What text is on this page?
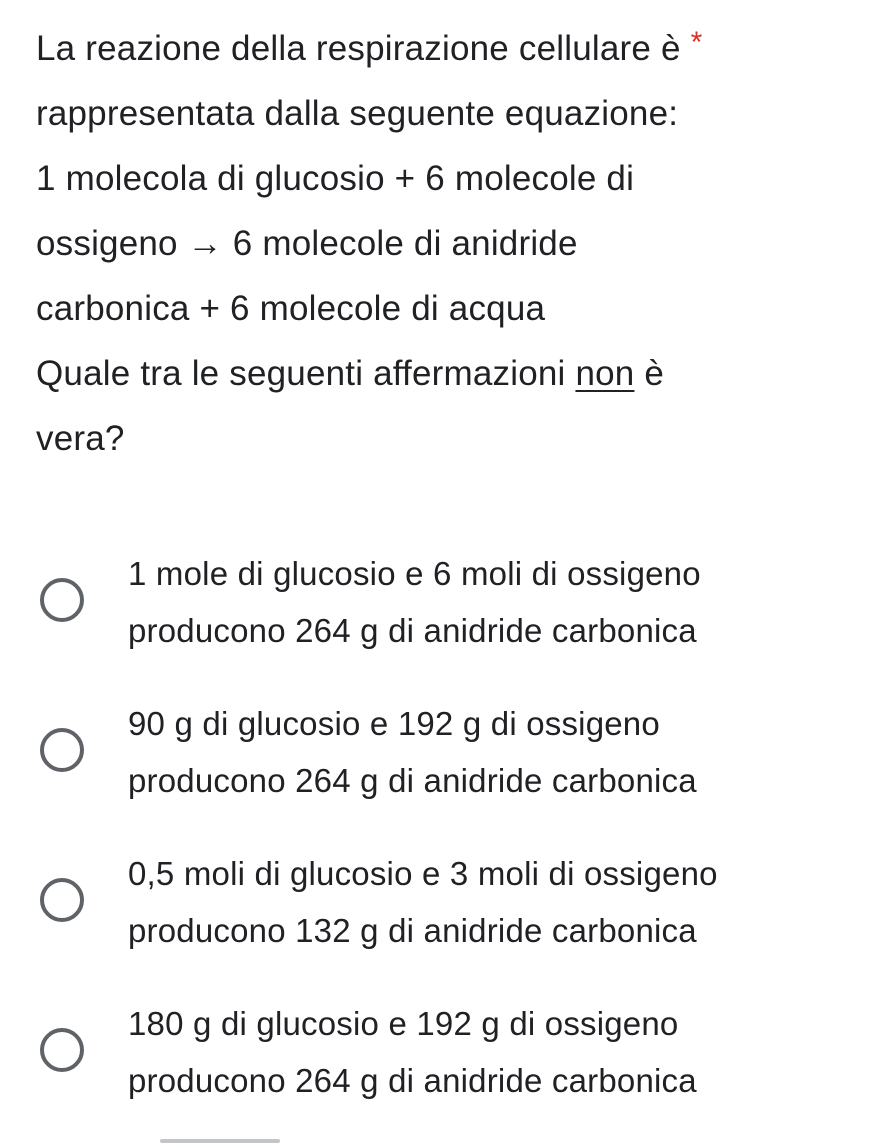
La reazione della respirazione cellulare è *
rappresentata dalla seguente equazione:
1 molecola di glucosio + 6 molecole di
ossigeno → 6 molecole di anidride
carbonica + 6 molecole di acqua
Quale tra le seguenti affermazioni non è
vera?
1 mole di glucosio e 6 moli di ossigeno
producono 264 g di anidride carbonica
90 g di glucosio e 192 g di ossigeno
producono 264 g di anidride carbonica
0,5 moli di glucosio e 3 moli di ossigeno
producono 132 g di anidride carbonica
180 g di glucosio e 192 g di ossigeno
producono 264 g di anidride carbonica
